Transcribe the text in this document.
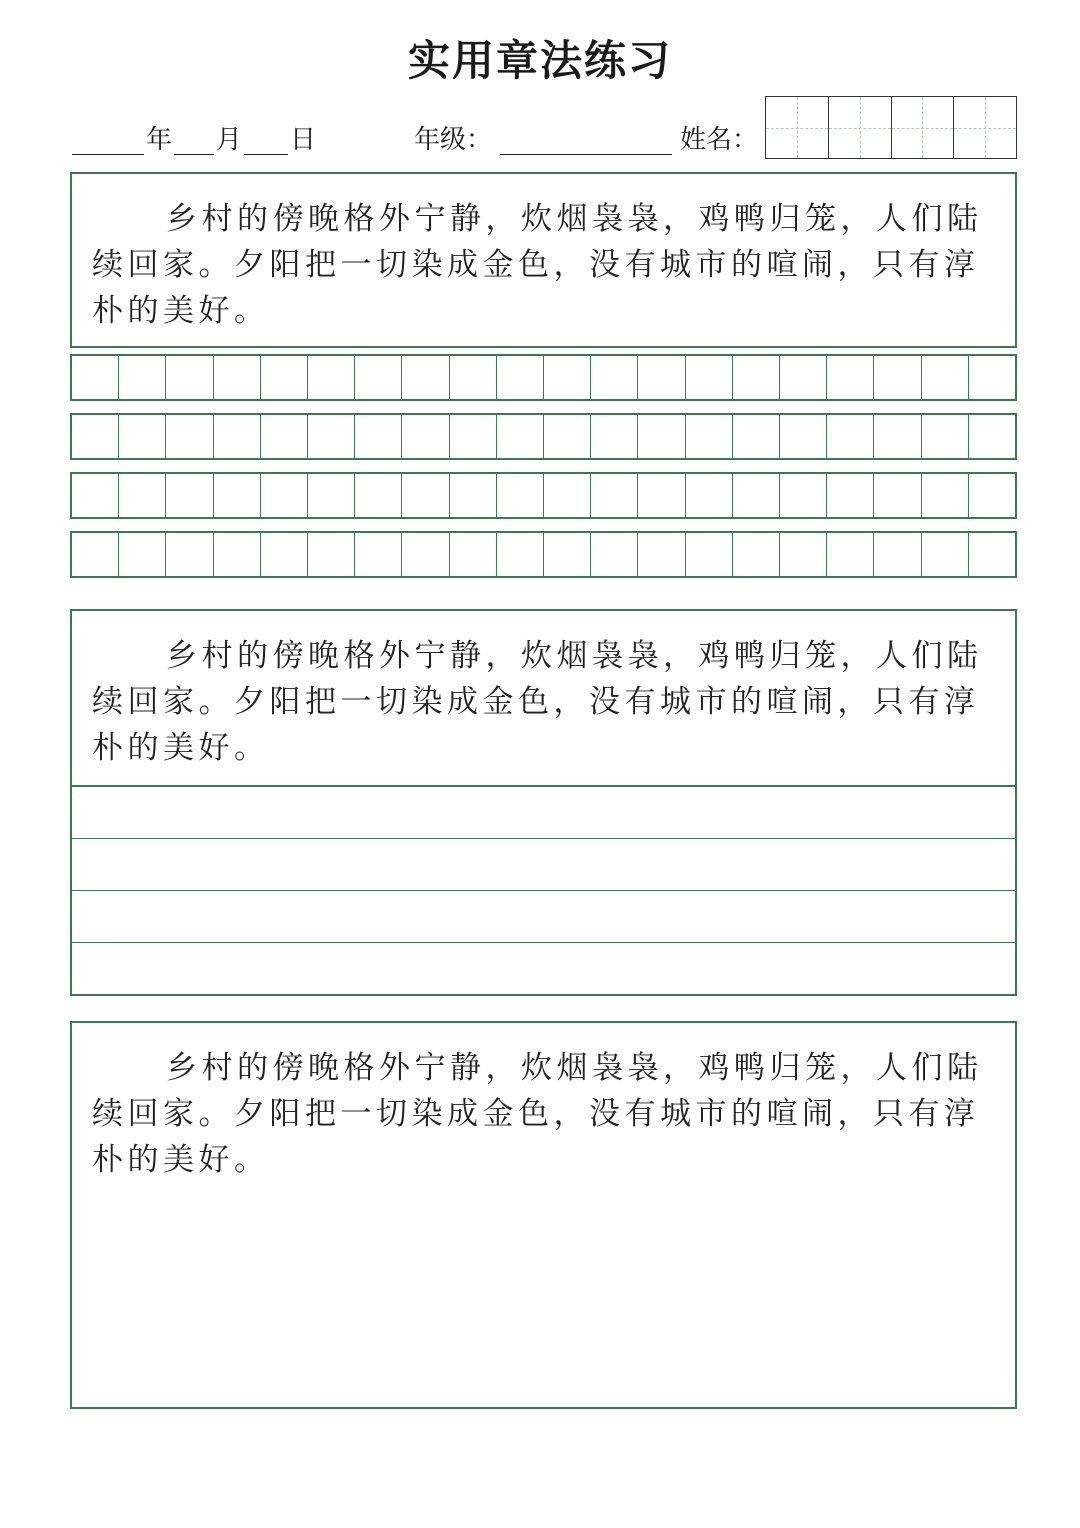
实用章法练习
年 月 日	年级：	姓名：
乡村的傍晚格外宁静，炊烟袅袅，鸡鸭归笼，人们陆续回家。夕阳把一切染成金色，没有城市的喧闹，只有淳朴的美好。
乡村的傍晚格外宁静，炊烟袅袅，鸡鸭归笼，人们陆续回家。夕阳把一切染成金色，没有城市的喧闹，只有淳朴的美好。
乡村的傍晚格外宁静，炊烟袅袅，鸡鸭归笼，人们陆续回家。夕阳把一切染成金色，没有城市的喧闹，只有淳朴的美好。
